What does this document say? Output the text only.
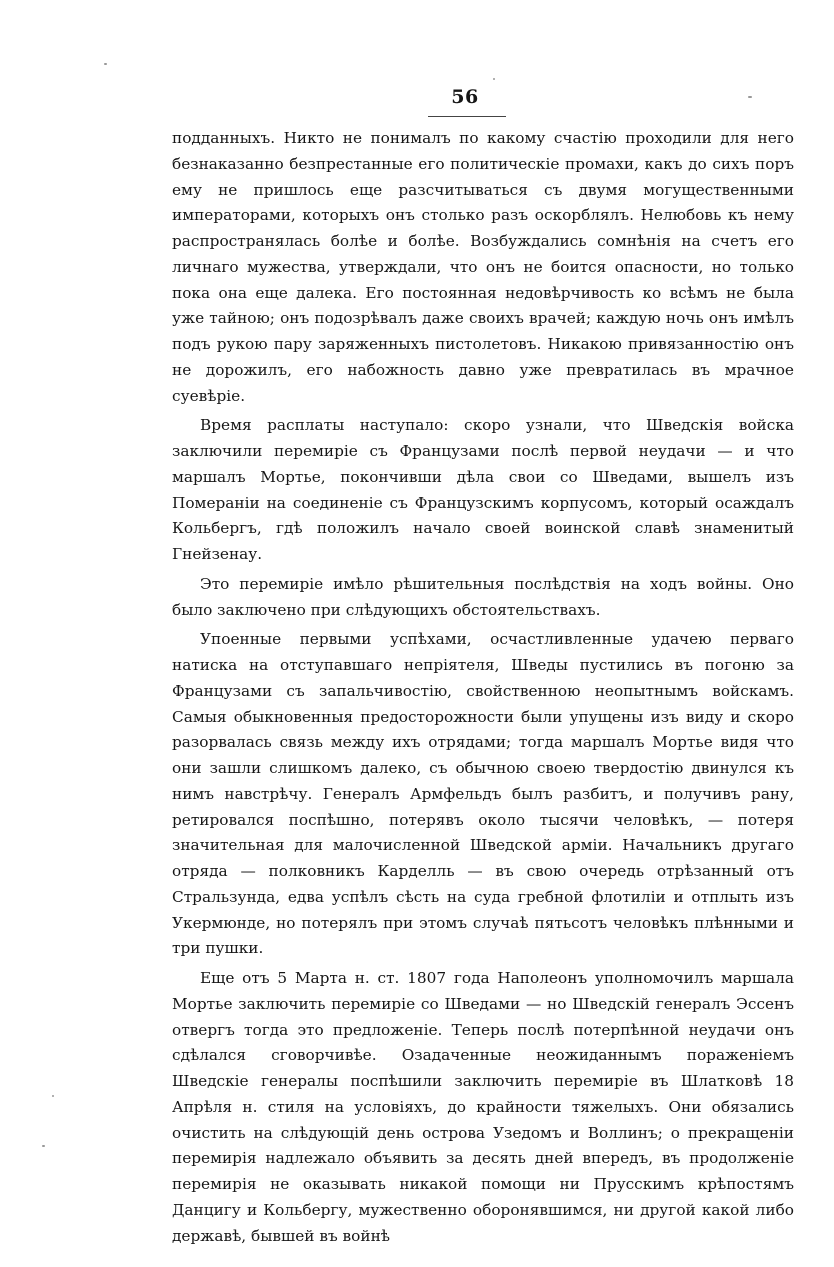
56

подданныхъ. Никто не понималъ по какому счастію проходили для него безнаказанно безпрестанные его политическіе промахи, какъ до сихъ поръ ему не пришлось еще разсчитываться съ двумя могущественными императорами, которыхъ онъ столько разъ оскорблялъ. Нелюбовь къ нему распространялась болѣе и болѣе. Возбуждались сомнѣнія на счетъ его личнаго мужества, утверждали, что онъ не боится опасности, но только пока она еще далека. Его постоянная недовѣрчивость ко всѣмъ не была уже тайною; онъ подозрѣвалъ даже своихъ врачей; каждую ночь онъ имѣлъ подъ рукою пару заряженныхъ пистолетовъ. Никакою привязанностію онъ не дорожилъ, его набожность давно уже превратилась въ мрачное суевѣріе.

Время расплаты наступало: скоро узнали, что Шведскія войска заключили перемиріе съ Французами послѣ первой неудачи — и что маршалъ Мортье, покончивши дѣла свои со Шведами, вышелъ изъ Помераніи на соединеніе съ Французскимъ корпусомъ, который осаждалъ Кольбергъ, гдѣ положилъ начало своей воинской славѣ знаменитый Гнейзенау.

Это перемиріе имѣло рѣшительныя послѣдствія на ходъ войны. Оно было заключено при слѣдующихъ обстоятельствахъ.

Упоенные первыми успѣхами, осчастливленные удачею перваго натиска на отступавшаго непріятеля, Шведы пустились въ погоню за Французами съ запальчивостію, свойственною неопытнымъ войскамъ. Самыя обыкновенныя предосторожности были упущены изъ виду и скоро разорвалась связь между ихъ отрядами; тогда маршалъ Мортье видя что они зашли слишкомъ далеко, съ обычною своею твердостію двинулся къ нимъ навстрѣчу. Генералъ Армфельдъ былъ разбитъ, и получивъ рану, ретировался поспѣшно, потерявъ около тысячи человѣкъ, — потеря значительная для малочисленной Шведской арміи. Начальникъ другаго отряда — полковникъ Карделль — въ свою очередь отрѣзанный отъ Стральзунда, едва успѣлъ сѣсть на суда гребной флотиліи и отплыть изъ Укермюнде, но потерялъ при этомъ случаѣ пятьсотъ человѣкъ плѣнными и три пушки.

Еще отъ 5 Марта н. ст. 1807 года Наполеонъ уполномочилъ маршала Мортье заключить перемиріе со Шведами — но Шведскій генералъ Эссенъ отвергъ тогда это предложеніе. Теперь послѣ потерпѣнной неудачи онъ сдѣлался сговорчивѣе. Озадаченные неожиданнымъ пораженіемъ Шведскіе генералы поспѣшили заключить перемиріе въ Шлатковѣ 18 Апрѣля н. стиля на условіяхъ, до крайности тяжелыхъ. Они обязались очистить на слѣдующій день острова Узедомъ и Воллинъ; о прекращеніи перемирія надлежало объявить за десять дней впередъ, въ продолженіе перемирія не оказывать никакой помощи ни Прусскимъ крѣпостямъ Данцигу и Кольбергу, мужественно оборонявшимся, ни другой какой либо державѣ, бывшей въ войнѣ
